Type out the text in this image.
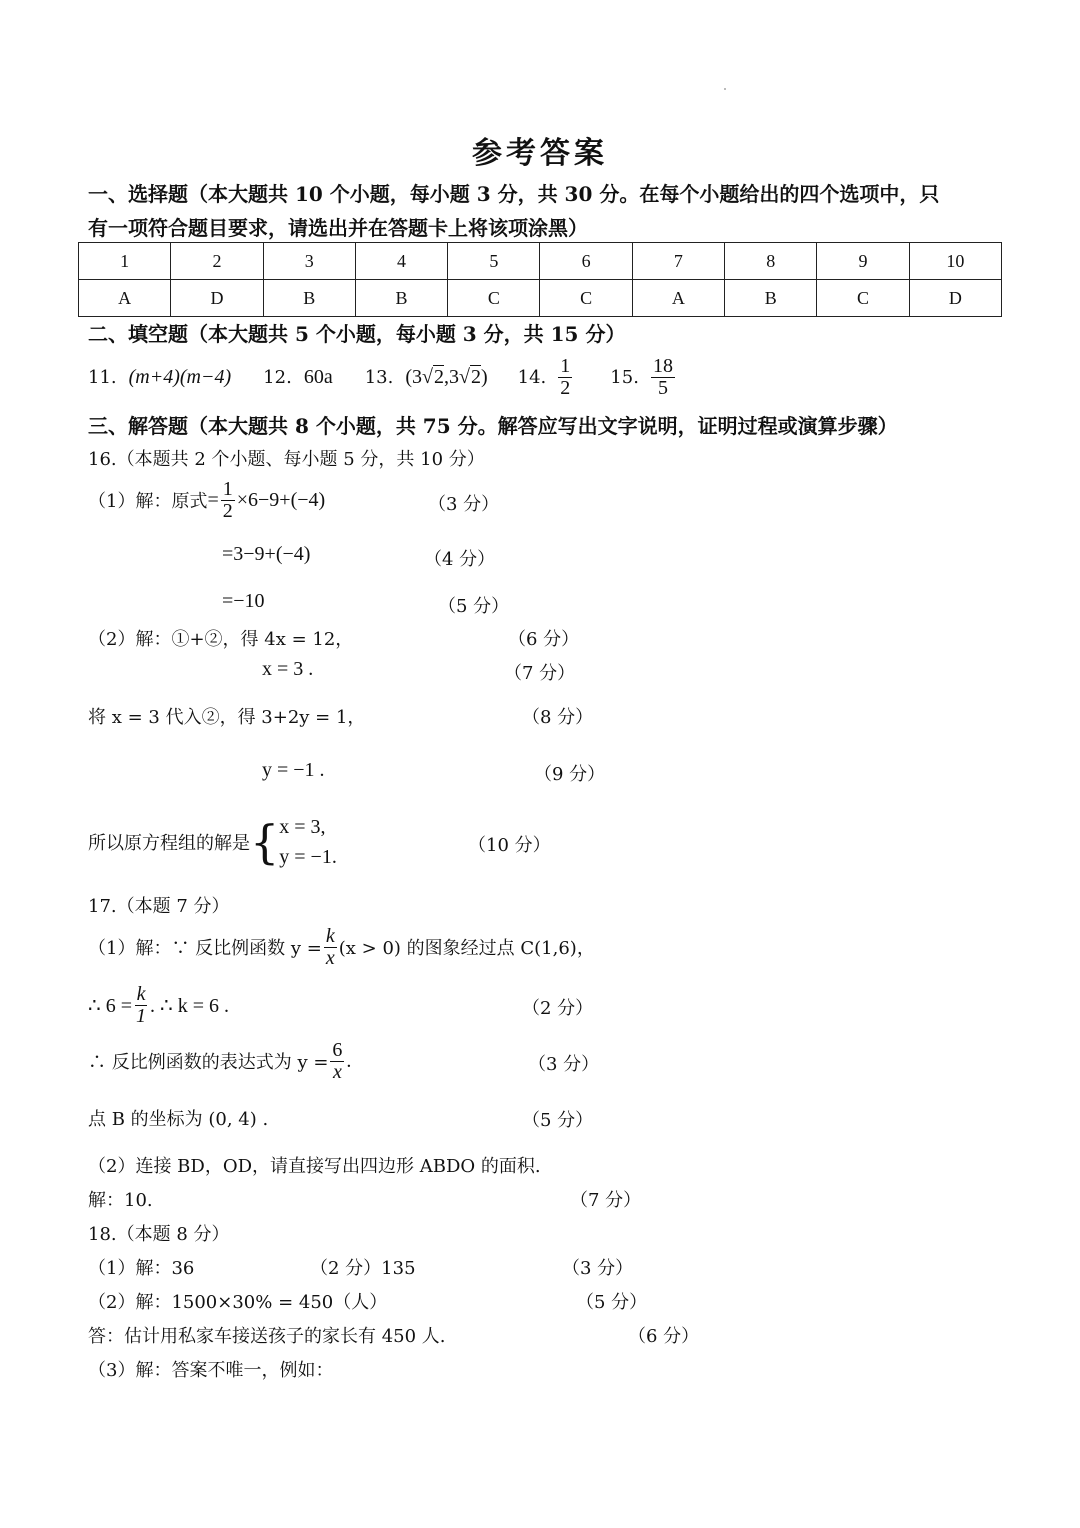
参考答案
一、选择题（本大题共 10 个小题，每小题 3 分，共 30 分。在每个小题给出的四个选项中，只
有一项符合题目要求，请选出并在答题卡上将该项涂黑）
1	2	3	4	5	6	7	8	9	10
A	D	B	B	C	C	A	B	C	D
二、填空题（本大题共 5 个小题，每小题 3 分，共 15 分）
11. (m+4)(m−4) 12. 60a 13. (3√2,3√2) 14. $\frac{1}{2} 15$. $\frac{18}{5}$
三、解答题（本大题共 8 个小题，共 75 分。解答应写出文字说明，证明过程或演算步骤）
16.（本题共 2 个小题、每小题 5 分，共 10 分）
（1）解：原式 = $\frac{1}{2} \times 6-9+(-4)$	（3 分）
=3−9+(−4)	（4 分）
=−10	（5 分）
（2）解：①+②，得 4x = 12，	（6 分）
x = 3 .	（7 分）
将 x = 3 代入②，得 3+2y = 1，	（8 分）
y = −1 .	（9 分）
所以原方程组的解是 { x = 3,
y = −1.
（10 分）
17.（本题 7 分）
（1）解：∵ 反比例函数 $y = \frac{k}{x} (x > 0)$ 的图象经过点 C(1,6)，
∴ $6 = \frac{k}{1}$ . ∴ k = 6 .	（2 分）
∴ 反比例函数的表达式为 $y = \frac{6}{x}$ .	（3 分）
点 B 的坐标为 (0, 4) .	（5 分）
（2）连接 BD，OD，请直接写出四边形 ABDO 的面积.
解：10.	（7 分）
18.（本题 8 分）
（1）解：36	（2 分）135	（3 分）
（2）解：1500×30% = 450（人）	（5 分）
答：估计用私家车接送孩子的家长有 450 人.	（6 分）
（3）解：答案不唯一，例如：
